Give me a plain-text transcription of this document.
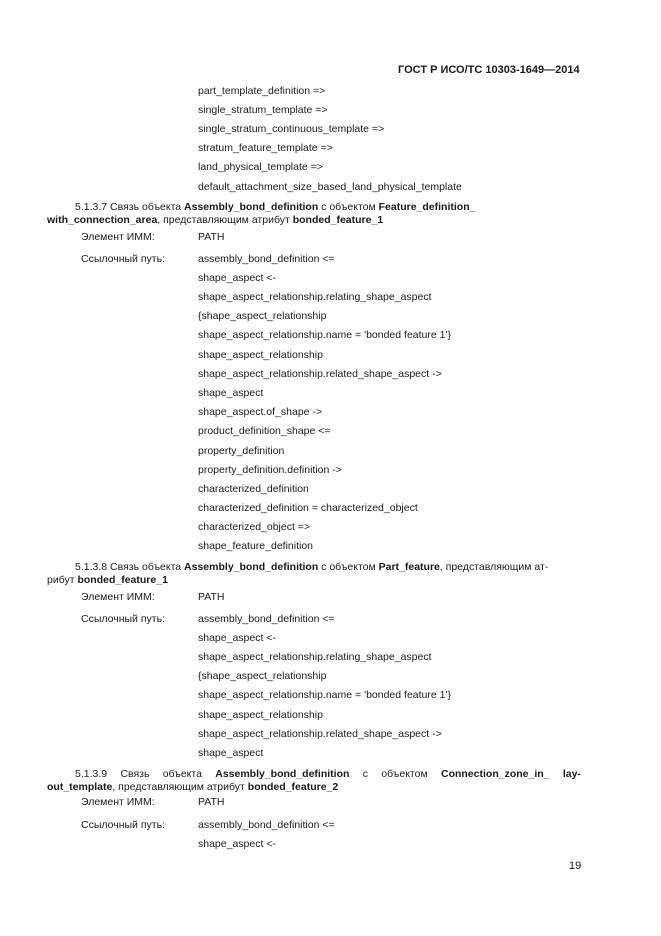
ГОСТ Р ИСО/ТС 10303-1649—2014
part_template_definition =>
single_stratum_template =>
single_stratum_continuous_template =>
stratum_feature_template =>
land_physical_template =>
default_attachment_size_based_land_physical_template
5.1.3.7 Связь объекта Assembly_bond_definition с объектом Feature_definition_
with_connection_area, представляющим атрибут bonded_feature_1
Элемент ИММ:	PATH
Ссылочный путь:	assembly_bond_definition <=
shape_aspect <-
shape_aspect_relationship.relating_shape_aspect
{shape_aspect_relationship
shape_aspect_relationship.name = 'bonded feature 1'}
shape_aspect_relationship
shape_aspect_relationship.related_shape_aspect ->
shape_aspect
shape_aspect.of_shape ->
product_definition_shape <=
property_definition
property_definition.definition ->
characterized_definition
characterized_definition = characterized_object
characterized_object =>
shape_feature_definition
5.1.3.8 Связь объекта Assembly_bond_definition с объектом Part_feature, представляющим ат-
рибут bonded_feature_1
Элемент ИММ:	PATH
Ссылочный путь:	assembly_bond_definition <=
shape_aspect <-
shape_aspect_relationship.relating_shape_aspect
{shape_aspect_relationship
shape_aspect_relationship.name = 'bonded feature 1'}
shape_aspect_relationship
shape_aspect_relationship.related_shape_aspect ->
shape_aspect
5.1.3.9 Связь объекта Assembly_bond_definition с объектом Connection_zone_in_ lay-
out_template, представляющим атрибут bonded_feature_2
Элемент ИММ:	PATH
Ссылочный путь:	assembly_bond_definition <=
shape_aspect <-
19
